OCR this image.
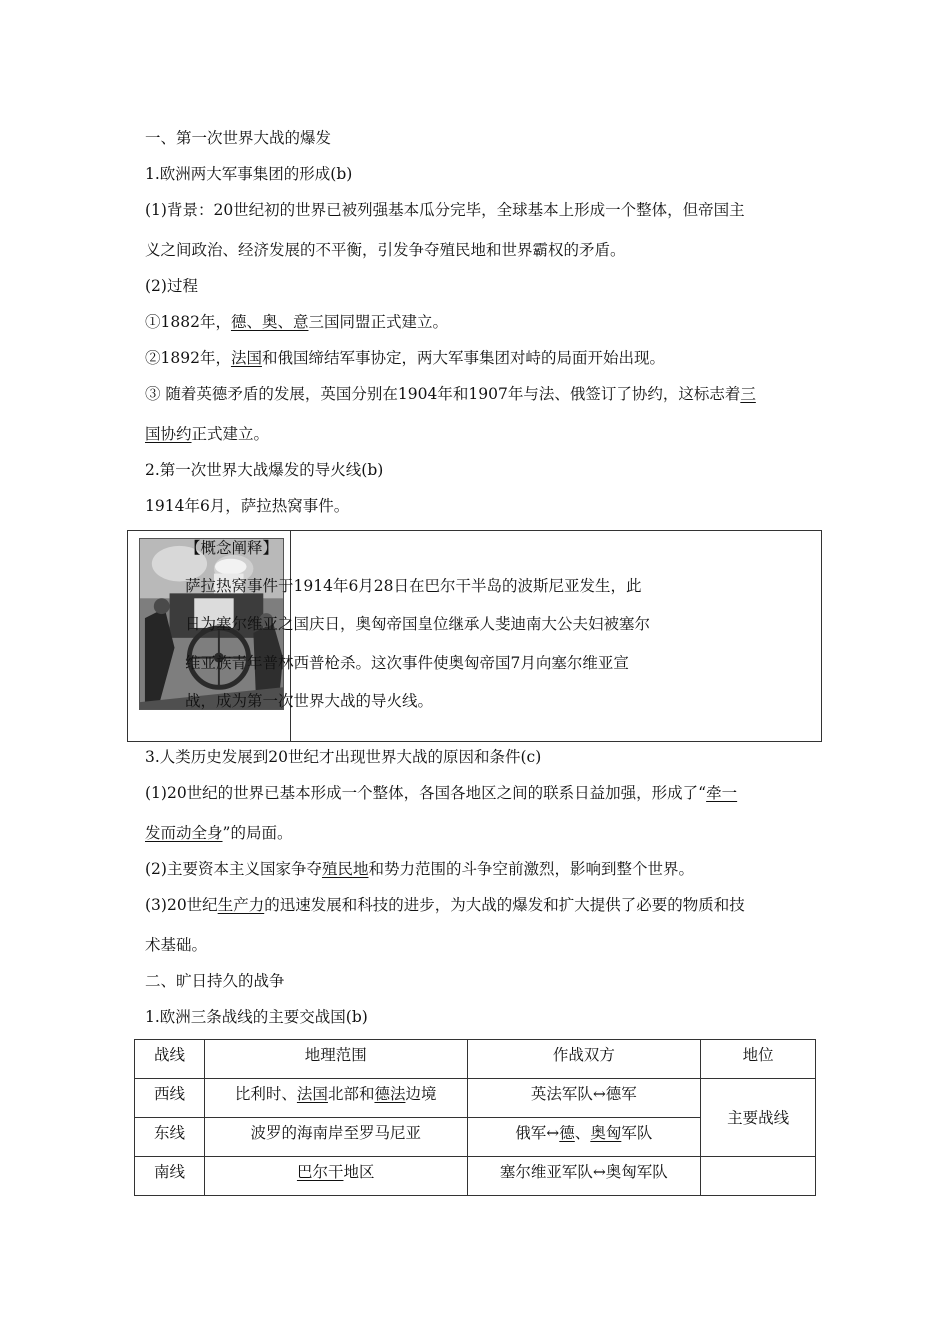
一、第一次世界大战的爆发
1.欧洲两大军事集团的形成(b)
(1)背景：20世纪初的世界已被列强基本瓜分完毕，全球基本上形成一个整体，但帝国主
义之间政治、经济发展的不平衡，引发争夺殖民地和世界霸权的矛盾。
(2)过程
①1882年，德、奥、意三国同盟正式建立。
②1892年，法国和俄国缔结军事协定，两大军事集团对峙的局面开始出现。
③ 随着英德矛盾的发展，英国分别在1904年和1907年与法、俄签订了协约，这标志着三
国协约正式建立。
2.第一次世界大战爆发的导火线(b)
1914年6月，萨拉热窝事件。
【概念阐释】
萨拉热窝事件于1914年6月28日在巴尔干半岛的波斯尼亚发生，此
日为塞尔维亚之国庆日，奥匈帝国皇位继承人斐迪南大公夫妇被塞尔
维亚族青年普林西普枪杀。这次事件使奥匈帝国7月向塞尔维亚宣
战，成为第一次世界大战的导火线。
3.人类历史发展到20世纪才出现世界大战的原因和条件(c)
(1)20世纪的世界已基本形成一个整体，各国各地区之间的联系日益加强，形成了“牵一
发而动全身”的局面。
(2)主要资本主义国家争夺殖民地和势力范围的斗争空前激烈，影响到整个世界。
(3)20世纪生产力的迅速发展和科技的进步，为大战的爆发和扩大提供了必要的物质和技
术基础。
二、旷日持久的战争
1.欧洲三条战线的主要交战国(b)
战线	地理范围	作战双方	地位
西线	比利时、法国北部和德法边境	英法军队↔德军	主要战线
东线	波罗的海南岸至罗马尼亚	俄军↔德、奥匈军队	
南线	巴尔干地区	塞尔维亚军队↔奥匈军队	
